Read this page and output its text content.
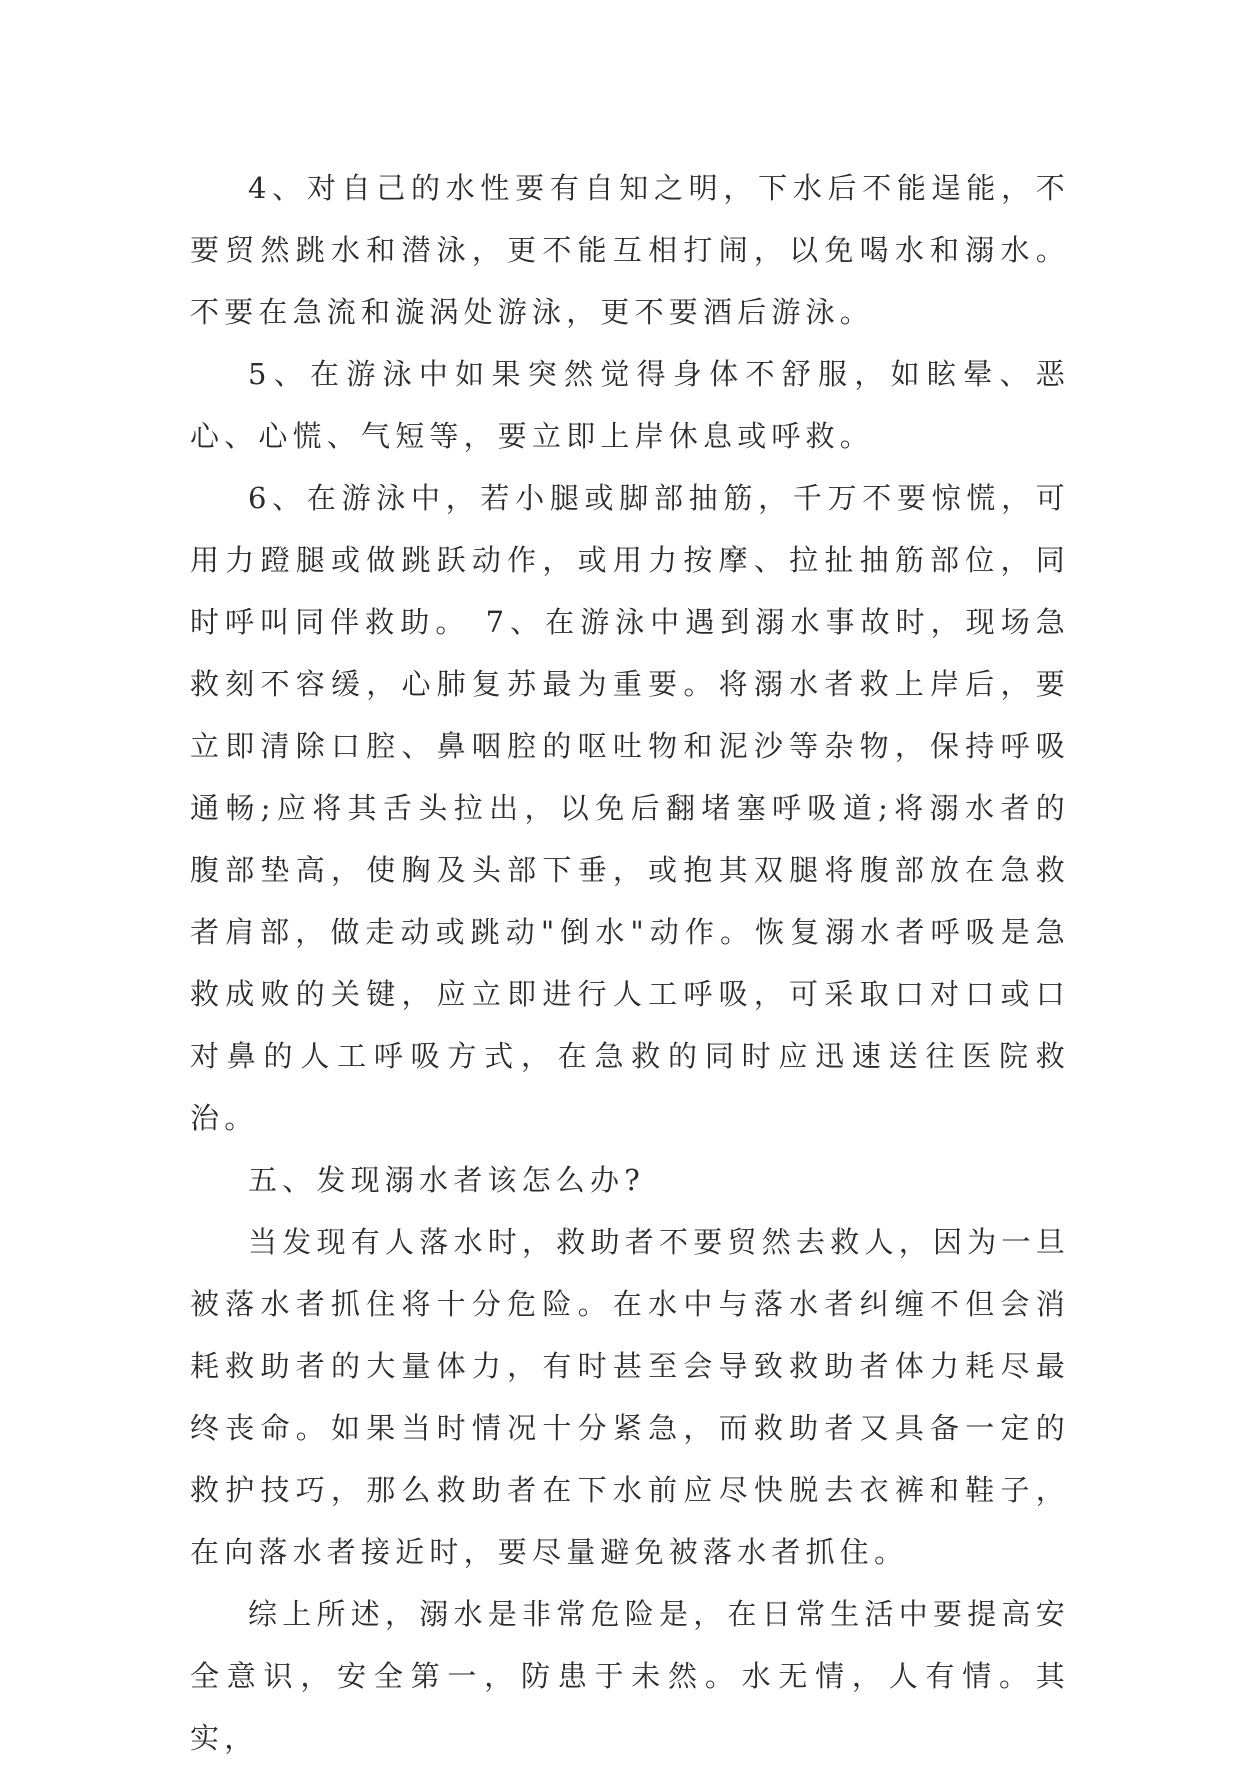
4、对自己的水性要有自知之明，下水后不能逞能，不要贸然跳水和潜泳，更不能互相打闹，以免喝水和溺水。不要在急流和漩涡处游泳，更不要酒后游泳。

5、在游泳中如果突然觉得身体不舒服，如眩晕、恶心、心慌、气短等，要立即上岸休息或呼救。

6、在游泳中，若小腿或脚部抽筋，千万不要惊慌，可用力蹬腿或做跳跃动作，或用力按摩、拉扯抽筋部位，同时呼叫同伴救助。 7、在游泳中遇到溺水事故时，现场急救刻不容缓，心肺复苏最为重要。将溺水者救上岸后，要立即清除口腔、鼻咽腔的呕吐物和泥沙等杂物，保持呼吸通畅;应将其舌头拉出，以免后翻堵塞呼吸道;将溺水者的腹部垫高，使胸及头部下垂，或抱其双腿将腹部放在急救者肩部，做走动或跳动"倒水"动作。恢复溺水者呼吸是急救成败的关键，应立即进行人工呼吸，可采取口对口或口对鼻的人工呼吸方式，在急救的同时应迅速送往医院救治。

五、发现溺水者该怎么办?

当发现有人落水时，救助者不要贸然去救人，因为一旦被落水者抓住将十分危险。在水中与落水者纠缠不但会消耗救助者的大量体力，有时甚至会导致救助者体力耗尽最终丧命。如果当时情况十分紧急，而救助者又具备一定的救护技巧，那么救助者在下水前应尽快脱去衣裤和鞋子，在向落水者接近时，要尽量避免被落水者抓住。

综上所述，溺水是非常危险是，在日常生活中要提高安全意识，安全第一，防患于未然。水无情，人有情。其实，
